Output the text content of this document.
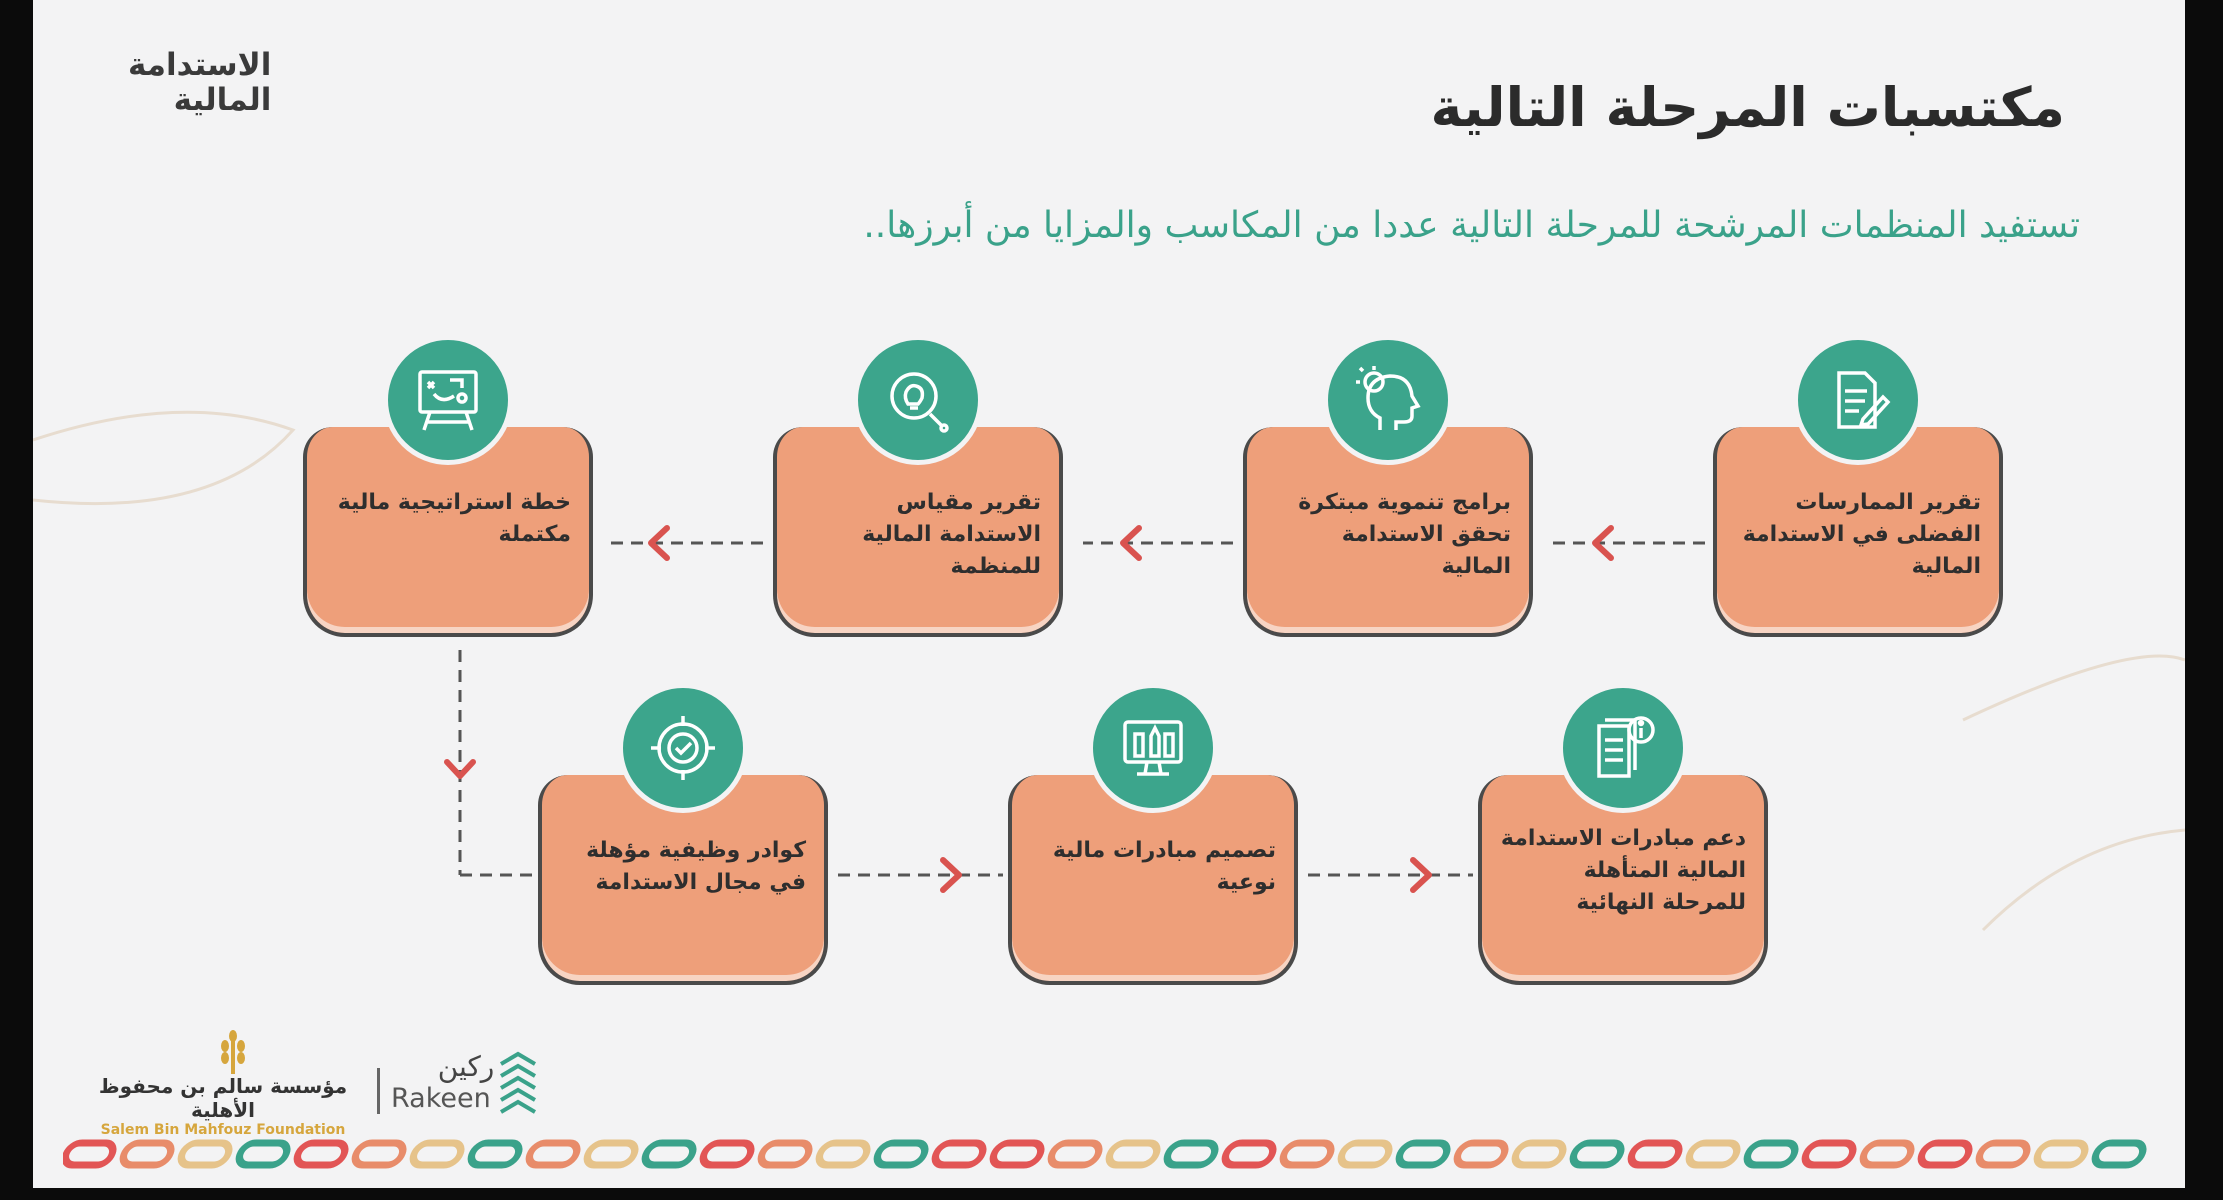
الاستدامة
المالية	مكتسبات المرحلة التالية

تستفيد المنظمات المرشحة للمرحلة التالية عددا من المكاسب والمزايا من أبرزها..

تقرير الممارسات الفضلى في الاستدامة المالية
برامج تنموية مبتكرة تحقق الاستدامة المالية
تقرير مقياس الاستدامة المالية للمنظمة
خطة استراتيجية مالية مكتملة
كوادر وظيفية مؤهلة في مجال الاستدامة
تصميم مبادرات مالية نوعية
دعم مبادرات الاستدامة المالية المتأهلة للمرحلة النهائية
مؤسسة سالم بن محفوظ الأهلية
Salem Bin Mahfouz Foundation
ركين
Rakeen
